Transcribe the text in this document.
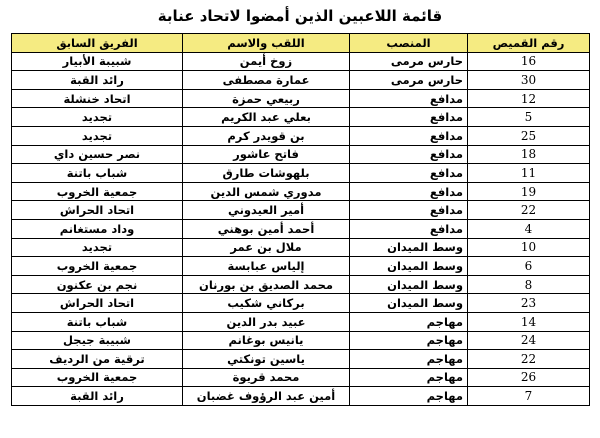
قائمة اللاعبين الذين أمضوا لاتحاد عنابة
رقم القميص	المنصب	اللقب والاسم	الفريق السابق
16	حارس مرمى	زوخ أيمن	شبيبة الأبيار
30	حارس مرمى	عمارة مصطفى	رائد القبة
12	مدافع	ربيعي حمزة	اتحاد خنشلة
5	مدافع	بعلي عبد الكريم	تجديد
25	مدافع	بن قويدر كرم	تجديد
18	مدافع	فاتح عاشور	نصر حسين داي
11	مدافع	بلهوشات طارق	شباب باتنة
19	مدافع	مدوري شمس الدين	جمعية الخروب
22	مدافع	أمير العيدوني	اتحاد الحراش
4	مدافع	أحمد أمين بوهني	وداد مستغانم
10	وسط الميدان	ملال بن عمر	تجديد
6	وسط الميدان	إلياس عبابسة	جمعية الخروب
8	وسط الميدان	محمد الصديق بن بورنان	نجم بن عكنون
23	وسط الميدان	بركاني شكيب	اتحاد الحراش
14	مهاجم	عبيد بدر الدين	شباب باتنة
24	مهاجم	يانيس بوغانم	شبيبة جيجل
22	مهاجم	ياسين تونكتي	ترقية من الرديف
26	مهاجم	محمد قريوة	جمعية الخروب
7	مهاجم	أمين عبد الرؤوف غضبان	رائد القبة
